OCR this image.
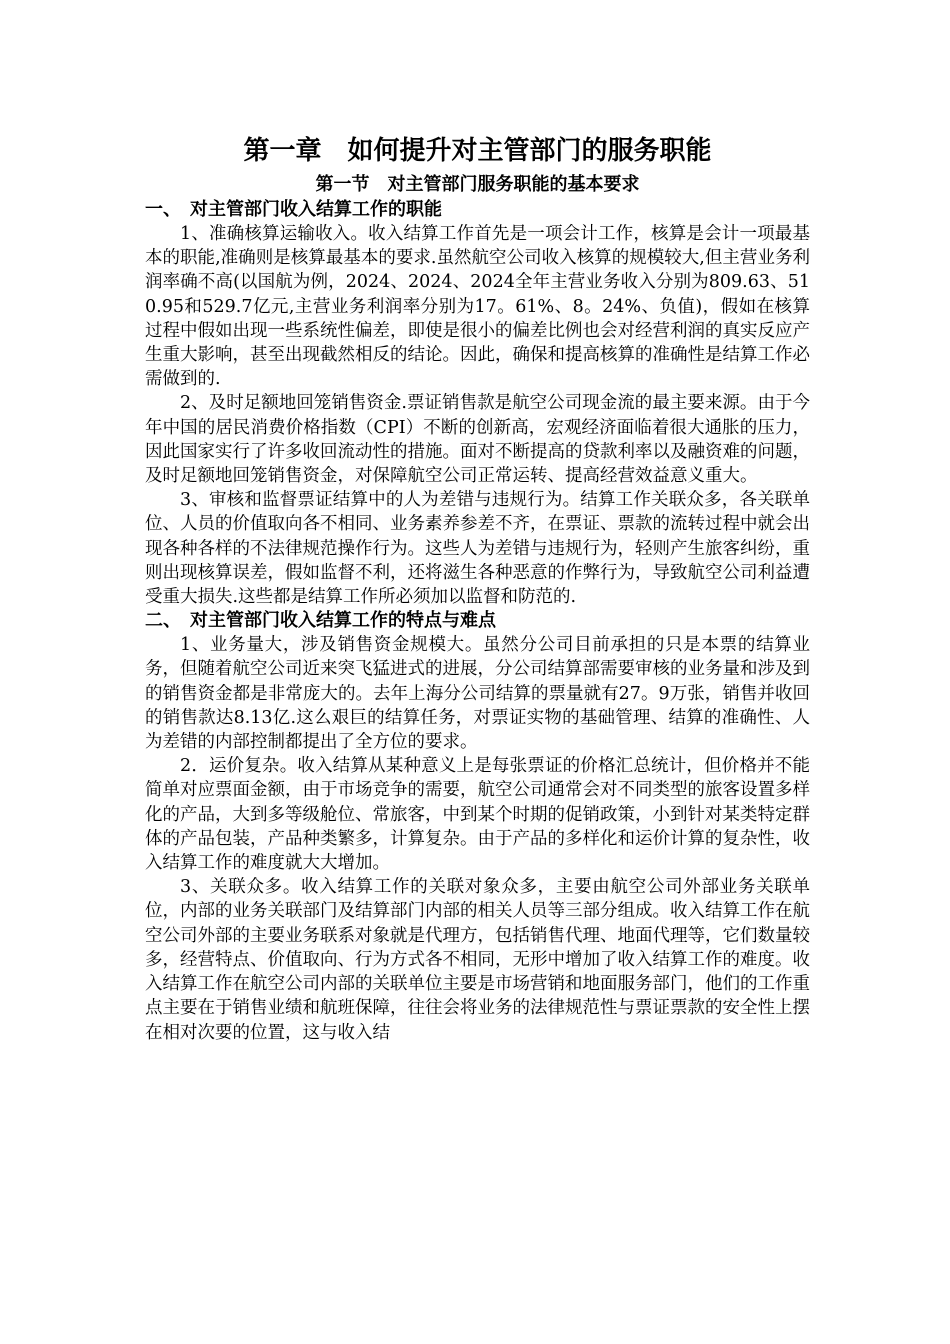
第一章　如何提升对主管部门的服务职能
第一节　对主管部门服务职能的基本要求
一、　对主管部门收入结算工作的职能

1、准确核算运输收入。收入结算工作首先是一项会计工作，核算是会计一项最基本的职能,准确则是核算最基本的要求.虽然航空公司收入核算的规模较大,但主营业务利润率确不高(以国航为例，2024、2024、2024全年主营业务收入分别为809.63、510.95和529.7亿元,主营业务利润率分别为17。61%、8。24%、负值)，假如在核算过程中假如出现一些系统性偏差，即使是很小的偏差比例也会对经营利润的真实反应产生重大影响，甚至出现截然相反的结论。因此，确保和提高核算的准确性是结算工作必需做到的.

2、及时足额地回笼销售资金.票证销售款是航空公司现金流的最主要来源。由于今年中国的居民消费价格指数（CPI）不断的创新高，宏观经济面临着很大通胀的压力，因此国家实行了许多收回流动性的措施。面对不断提高的贷款利率以及融资难的问题，及时足额地回笼销售资金，对保障航空公司正常运转、提高经营效益意义重大。

3、审核和监督票证结算中的人为差错与违规行为。结算工作关联众多，各关联单位、人员的价值取向各不相同、业务素养参差不齐，在票证、票款的流转过程中就会出现各种各样的不法律规范操作行为。这些人为差错与违规行为，轻则产生旅客纠纷，重则出现核算误差，假如监督不利，还将滋生各种恶意的作弊行为，导致航空公司利益遭受重大损失.这些都是结算工作所必须加以监督和防范的.

二、　对主管部门收入结算工作的特点与难点

1、业务量大，涉及销售资金规模大。虽然分公司目前承担的只是本票的结算业务，但随着航空公司近来突飞猛进式的进展，分公司结算部需要审核的业务量和涉及到的销售资金都是非常庞大的。去年上海分公司结算的票量就有27。9万张，销售并收回的销售款达8.13亿.这么艰巨的结算任务，对票证实物的基础管理、结算的准确性、人为差错的内部控制都提出了全方位的要求。

2．运价复杂。收入结算从某种意义上是每张票证的价格汇总统计，但价格并不能简单对应票面金额，由于市场竞争的需要，航空公司通常会对不同类型的旅客设置多样化的产品，大到多等级舱位、常旅客，中到某个时期的促销政策，小到针对某类特定群体的产品包装，产品种类繁多，计算复杂。由于产品的多样化和运价计算的复杂性，收入结算工作的难度就大大增加。

3、关联众多。收入结算工作的关联对象众多，主要由航空公司外部业务关联单位，内部的业务关联部门及结算部门内部的相关人员等三部分组成。收入结算工作在航空公司外部的主要业务联系对象就是代理方，包括销售代理、地面代理等，它们数量较多，经营特点、价值取向、行为方式各不相同，无形中增加了收入结算工作的难度。收入结算工作在航空公司内部的关联单位主要是市场营销和地面服务部门，他们的工作重点主要在于销售业绩和航班保障，往往会将业务的法律规范性与票证票款的安全性上摆在相对次要的位置，这与收入结
